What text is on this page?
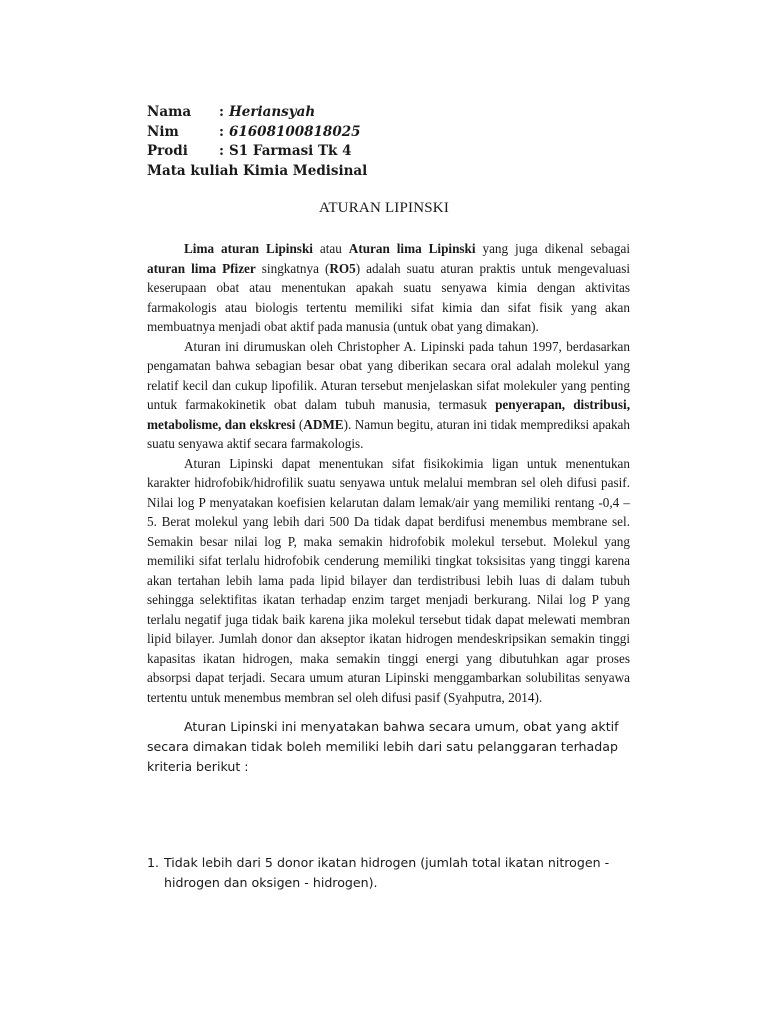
Nama	: Heriansyah
Nim	: 61608100818025
Prodi	: S1 Farmasi Tk 4
Mata kuliah Kimia Medisinal
ATURAN LIPINSKI

Lima aturan Lipinski atau Aturan lima Lipinski yang juga dikenal sebagai aturan lima Pfizer singkatnya (RO5) adalah suatu aturan praktis untuk mengevaluasi keserupaan obat atau menentukan apakah suatu senyawa kimia dengan aktivitas farmakologis atau biologis tertentu memiliki sifat kimia dan sifat fisik yang akan membuatnya menjadi obat aktif pada manusia (untuk obat yang dimakan).

Aturan ini dirumuskan oleh Christopher A. Lipinski pada tahun 1997, berdasarkan pengamatan bahwa sebagian besar obat yang diberikan secara oral adalah molekul yang relatif kecil dan cukup lipofilik. Aturan tersebut menjelaskan sifat molekuler yang penting untuk farmakokinetik obat dalam tubuh manusia, termasuk penyerapan, distribusi, metabolisme, dan ekskresi (ADME). Namun begitu, aturan ini tidak memprediksi apakah suatu senyawa aktif secara farmakologis.

Aturan Lipinski dapat menentukan sifat fisikokimia ligan untuk menentukan karakter hidrofobik/hidrofilik suatu senyawa untuk melalui membran sel oleh difusi pasif. Nilai log P menyatakan koefisien kelarutan dalam lemak/air yang memiliki rentang -0,4 – 5. Berat molekul yang lebih dari 500 Da tidak dapat berdifusi menembus membrane sel. Semakin besar nilai log P, maka semakin hidrofobik molekul tersebut. Molekul yang memiliki sifat terlalu hidrofobik cenderung memiliki tingkat toksisitas yang tinggi karena akan tertahan lebih lama pada lipid bilayer dan terdistribusi lebih luas di dalam tubuh sehingga selektifitas ikatan terhadap enzim target menjadi berkurang. Nilai log P yang terlalu negatif juga tidak baik karena jika molekul tersebut tidak dapat melewati membran lipid bilayer. Jumlah donor dan akseptor ikatan hidrogen mendeskripsikan semakin tinggi kapasitas ikatan hidrogen, maka semakin tinggi energi yang dibutuhkan agar proses absorpsi dapat terjadi. Secara umum aturan Lipinski menggambarkan solubilitas senyawa tertentu untuk menembus membran sel oleh difusi pasif (Syahputra, 2014).

Aturan Lipinski ini menyatakan bahwa secara umum, obat yang aktif secara dimakan tidak boleh memiliki lebih dari satu pelanggaran terhadap kriteria berikut :

1. Tidak lebih dari 5 donor ikatan hidrogen (jumlah total ikatan nitrogen - hidrogen dan oksigen - hidrogen).
